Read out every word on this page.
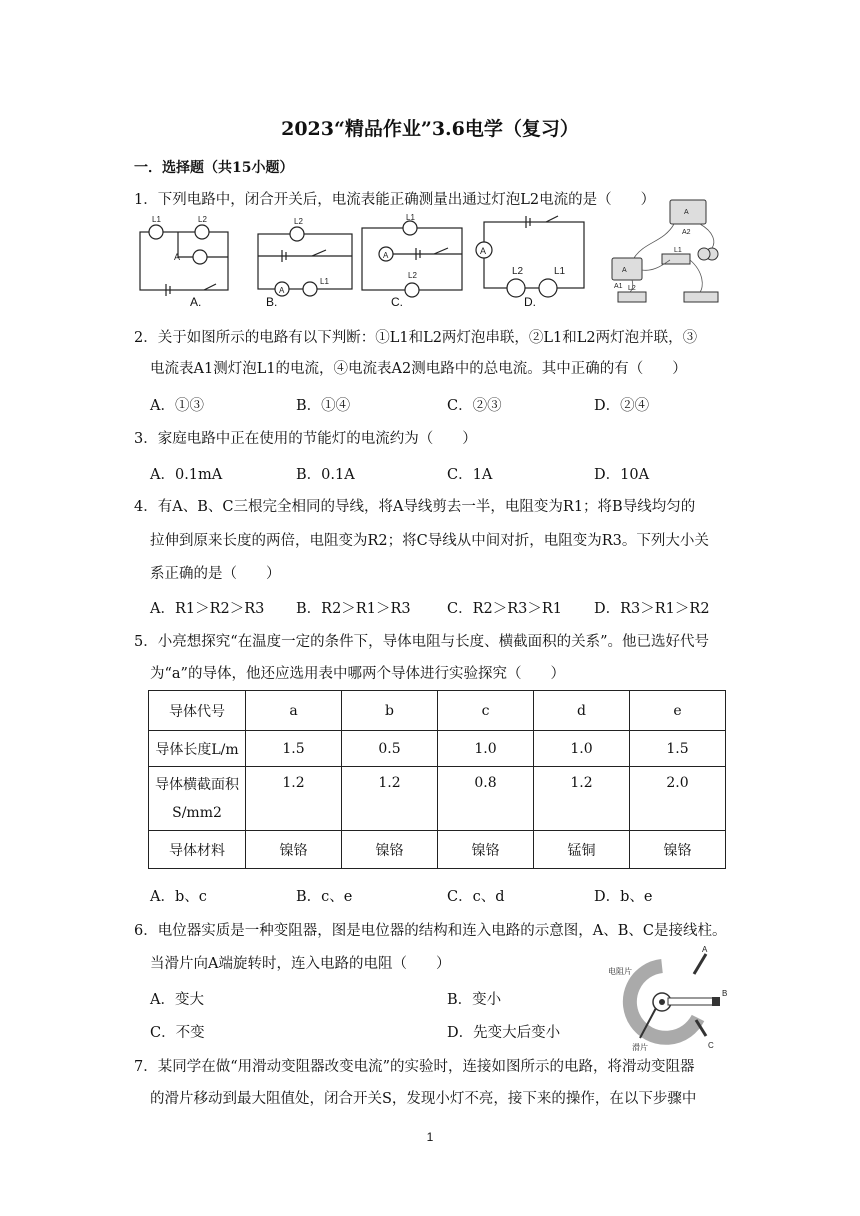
2023“精品作业”3.6电学（复习）
一．选择题（共15小题）
1．下列电路中，闭合开关后，电流表能正确测量出通过灯泡L2电流的是（　　）
A
A
A	A
L1	L2	L2
L1
L1
L2	L2	L1
A.	B.	C.	D.
A
A2
A
A1
L1
L2
2．关于如图所示的电路有以下判断：①L1和L2两灯泡串联，②L1和L2两灯泡并联，③
电流表A1测灯泡L1的电流，④电流表A2测电路中的总电流。其中正确的有（　　）
A．①③	B．①④	C．②③	D．②④
3．家庭电路中正在使用的节能灯的电流约为（　　）
A．0.1mA	B．0.1A	C．1A	D．10A
4．有A、B、C三根完全相同的导线，将A导线剪去一半，电阻变为R1；将B导线均匀的
拉伸到原来长度的两倍，电阻变为R2；将C导线从中间对折，电阻变为R3。下列大小关
系正确的是（　　）
A．R1＞R2＞R3 B．R2＞R1＞R3	C．R2＞R3＞R1 D．R3＞R1＞R2
5．小亮想探究“在温度一定的条件下，导体电阻与长度、横截面积的关系”。他已选好代号
为“a”的导体，他还应选用表中哪两个导体进行实验探究（　　）
导体代号	a	b	c	d	e
导体长度L/m	1.5	0.5	1.0	1.0	1.5
导体横截面积S/mm2	1.2	1.2	0.8	1.2	2.0
导体材料	镍铬	镍铬	镍铬	锰铜	镍铬
A．b、c	B．c、e	C．c、d	D．b、e
6．电位器实质是一种变阻器，图是电位器的结构和连入电路的示意图，A、B、C是接线柱。
当滑片向A端旋转时，连入电路的电阻（　　）
A．变大	B．变小
C．不变	D．先变大后变小
电阻片
滑片
A
B
C
7．某同学在做“用滑动变阻器改变电流”的实验时，连接如图所示的电路，将滑动变阻器
的滑片移动到最大阻值处，闭合开关S，发现小灯不亮，接下来的操作，在以下步骤中
1
